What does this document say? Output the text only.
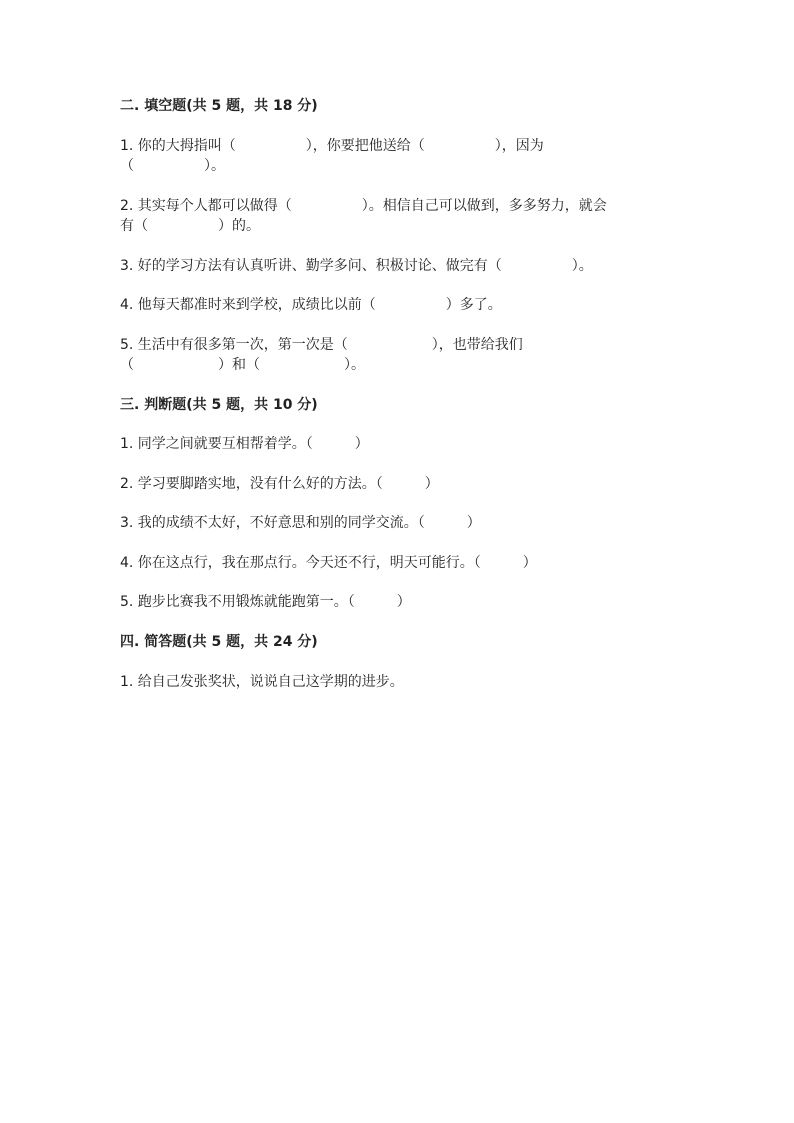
二. 填空题(共 5 题，共 18 分)
1. 你的大拇指叫（　　　　　），你要把他送给（　　　　　），因为
（　　　　　）。
2. 其实每个人都可以做得（　　　　　）。相信自己可以做到，多多努力，就会
有（　　　　　）的。
3. 好的学习方法有认真听讲、勤学多问、积极讨论、做完有（　　　　　）。
4. 他每天都准时来到学校，成绩比以前（　　　　　）多了。
5. 生活中有很多第一次，第一次是（　　　　　　），也带给我们
（　　　　　　）和（　　　　　　）。
三. 判断题(共 5 题，共 10 分)
1. 同学之间就要互相帮着学。（　　　）
2. 学习要脚踏实地，没有什么好的方法。（　　　）
3. 我的成绩不太好，不好意思和别的同学交流。（　　　）
4. 你在这点行，我在那点行。今天还不行，明天可能行。（　　　）
5. 跑步比赛我不用锻炼就能跑第一。（　　　）
四. 简答题(共 5 题，共 24 分)
1. 给自己发张奖状，说说自己这学期的进步。
